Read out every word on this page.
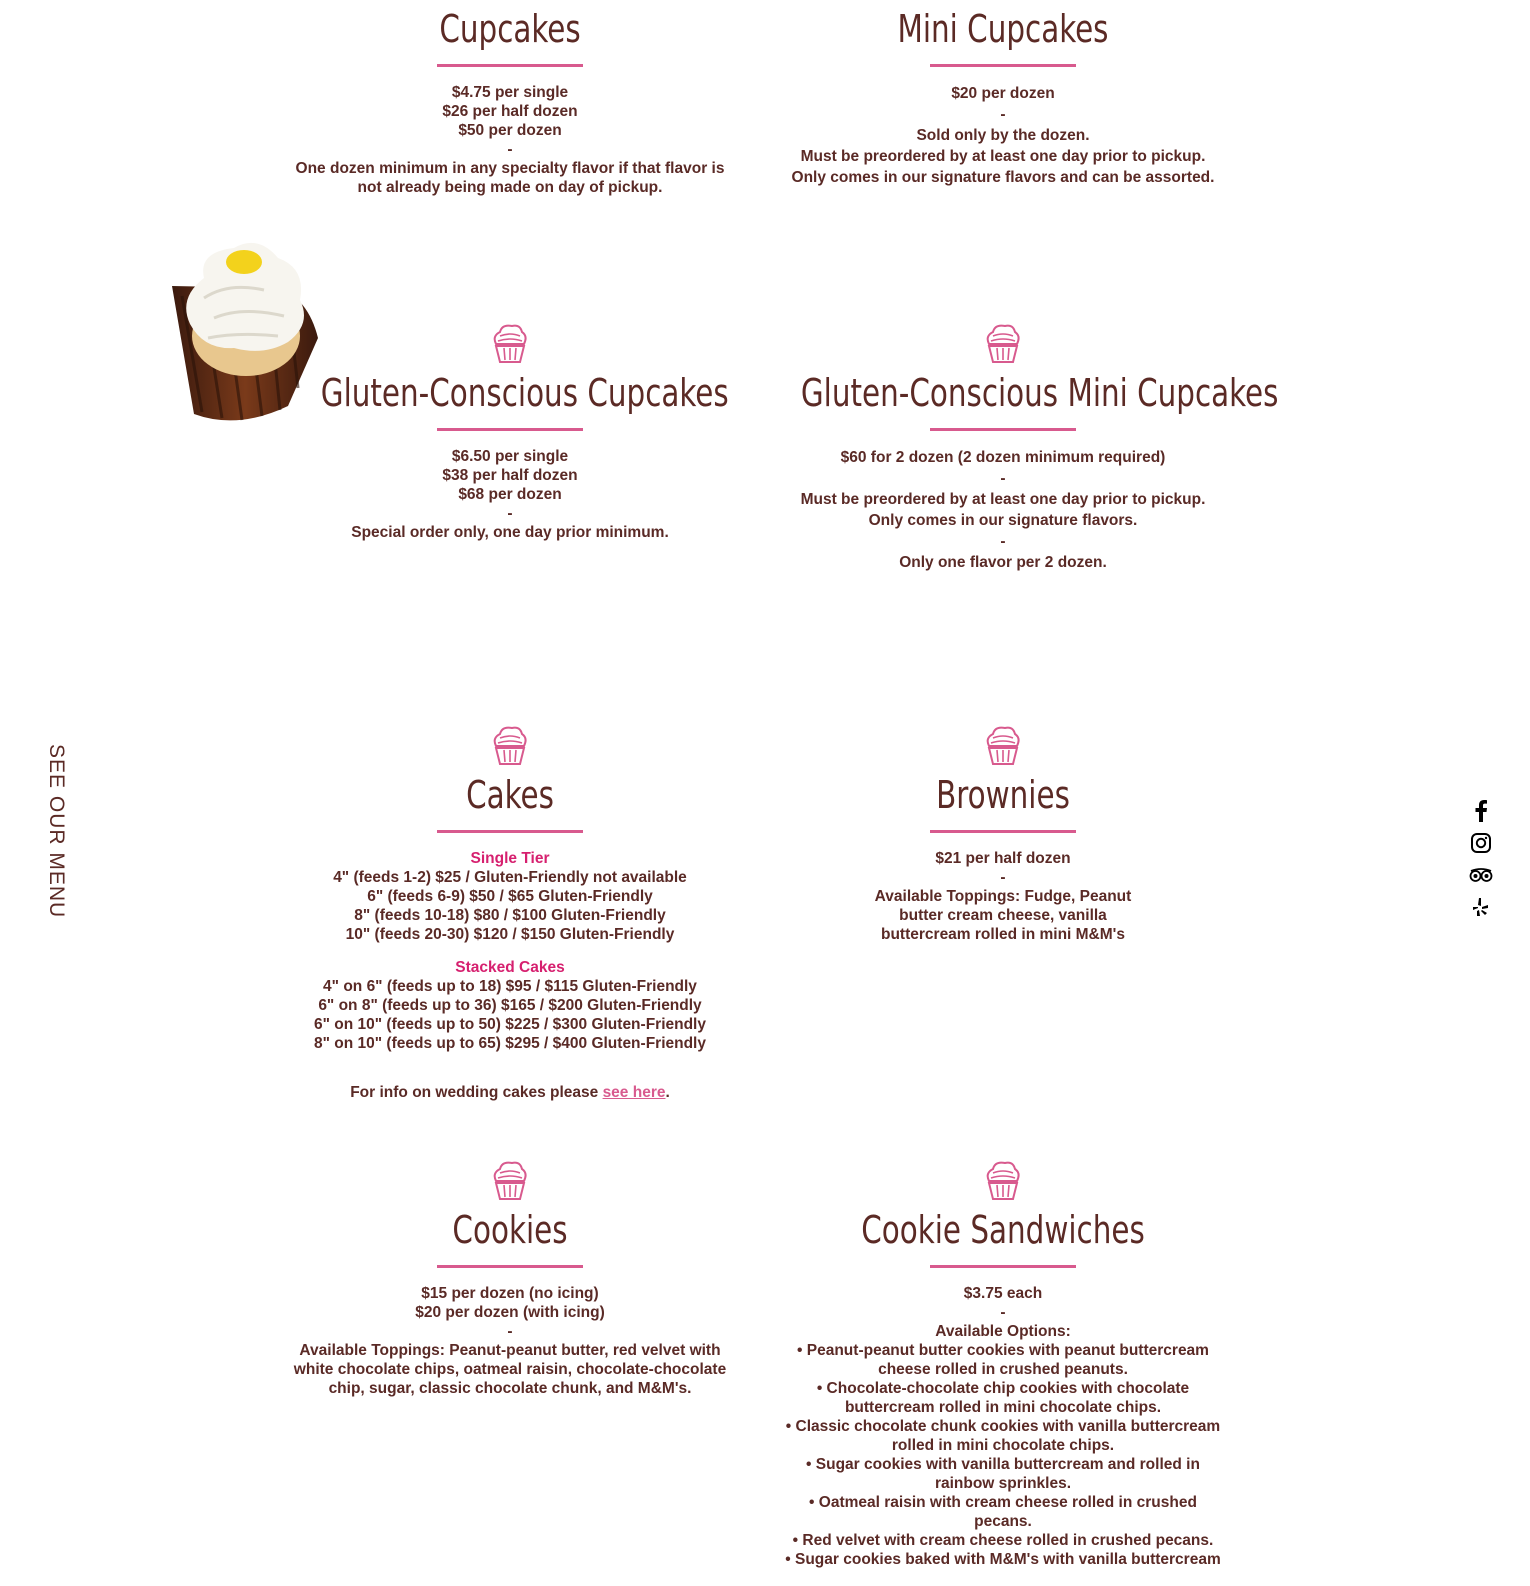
SEE OUR MENU
Cupcakes

$4.75 per single

$26 per half dozen

$50 per dozen

-

One dozen minimum in any specialty flavor if that flavor is not already being made on day of pickup.

Mini Cupcakes

$20 per dozen

-

Sold only by the dozen.

Must be preordered by at least one day prior to pickup.

Only comes in our signature flavors and can be assorted.

Gluten-Conscious Cupcakes

$6.50 per single

$38 per half dozen

$68 per dozen

-

Special order only, one day prior minimum.

Gluten-Conscious Mini Cupcakes

$60 for 2 dozen (2 dozen minimum required)

-

Must be preordered by at least one day prior to pickup.

Only comes in our signature flavors.

-

Only one flavor per 2 dozen.

Cakes

Single Tier

4" (feeds 1-2) $25 / Gluten-Friendly not available

6" (feeds 6-9) $50 / $65 Gluten-Friendly

8" (feeds 10-18) $80 / $100 Gluten-Friendly

10" (feeds 20-30) $120 / $150 Gluten-Friendly

Stacked Cakes

4" on 6" (feeds up to 18) $95 / $115 Gluten-Friendly

6" on 8" (feeds up to 36) $165 / $200 Gluten-Friendly

6" on 10" (feeds up to 50) $225 / $300 Gluten-Friendly

8" on 10" (feeds up to 65) $295 / $400 Gluten-Friendly

For info on wedding cakes please see here.

Brownies

$21 per half dozen

-

Available Toppings: Fudge, Peanut butter cream cheese, vanilla buttercream rolled in mini M&M's

Cookies

$15 per dozen (no icing)

$20 per dozen (with icing)

-

Available Toppings: Peanut-peanut butter, red velvet with white chocolate chips, oatmeal raisin, chocolate-chocolate chip, sugar, classic chocolate chunk, and M&M's.

Cookie Sandwiches

$3.75 each

-

Available Options:

• Peanut-peanut butter cookies with peanut buttercream cheese rolled in crushed peanuts.

• Chocolate-chocolate chip cookies with chocolate buttercream rolled in mini chocolate chips.

• Classic chocolate chunk cookies with vanilla buttercream rolled in mini chocolate chips.

• Sugar cookies with vanilla buttercream and rolled in rainbow sprinkles.

• Oatmeal raisin with cream cheese rolled in crushed pecans.

• Red velvet with cream cheese rolled in crushed pecans.

• Sugar cookies baked with M&M's with vanilla buttercream
